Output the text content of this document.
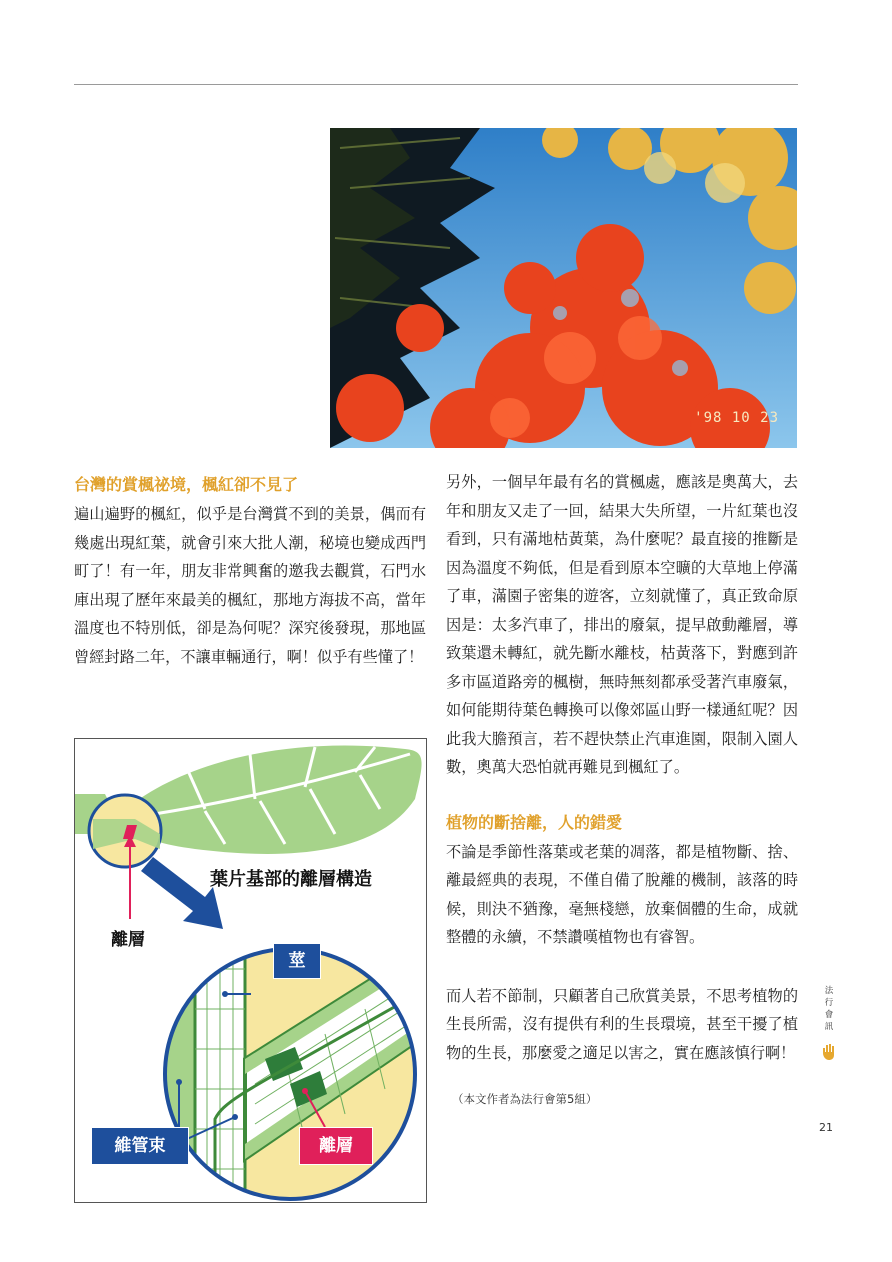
'98 10 23
台灣的賞楓祕境，楓紅卻不見了

遍山遍野的楓紅，似乎是台灣賞不到的美景，偶而有幾處出現紅葉，就會引來大批人潮，秘境也變成西門町了！有一年，朋友非常興奮的邀我去觀賞，石門水庫出現了歷年來最美的楓紅，那地方海拔不高，當年溫度也不特別低，卻是為何呢？深究後發現，那地區曾經封路二年，不讓車輛通行，啊！似乎有些懂了！

另外，一個早年最有名的賞楓處，應該是奧萬大，去年和朋友又走了一回，結果大失所望，一片紅葉也沒看到，只有滿地枯黃葉，為什麼呢？最直接的推斷是因為溫度不夠低，但是看到原本空曠的大草地上停滿了車，滿園子密集的遊客，立刻就懂了，真正致命原因是：太多汽車了，排出的廢氣，提早啟動離層，導致葉還未轉紅，就先斷水離枝，枯黃落下，對應到許多市區道路旁的楓樹，無時無刻都承受著汽車廢氣，如何能期待葉色轉換可以像郊區山野一樣通紅呢？因此我大膽預言，若不趕快禁止汽車進園，限制入園人數，奧萬大恐怕就再難見到楓紅了。

植物的斷捨離，人的錯愛

不論是季節性落葉或老葉的凋落，都是植物斷、捨、離最經典的表現，不僅自備了脫離的機制，該落的時候，則決不猶豫，毫無棧戀，放棄個體的生命，成就整體的永續，不禁讚嘆植物也有睿智。

而人若不節制，只顧著自己欣賞美景，不思考植物的生長所需，沒有提供有利的生長環境，甚至干擾了植物的生長，那麼愛之適足以害之，實在應該慎行啊！

（本文作者為法行會第5組）
葉片基部的離層構造
離層
莖
維管束	離層
法
行
會
訊
21
